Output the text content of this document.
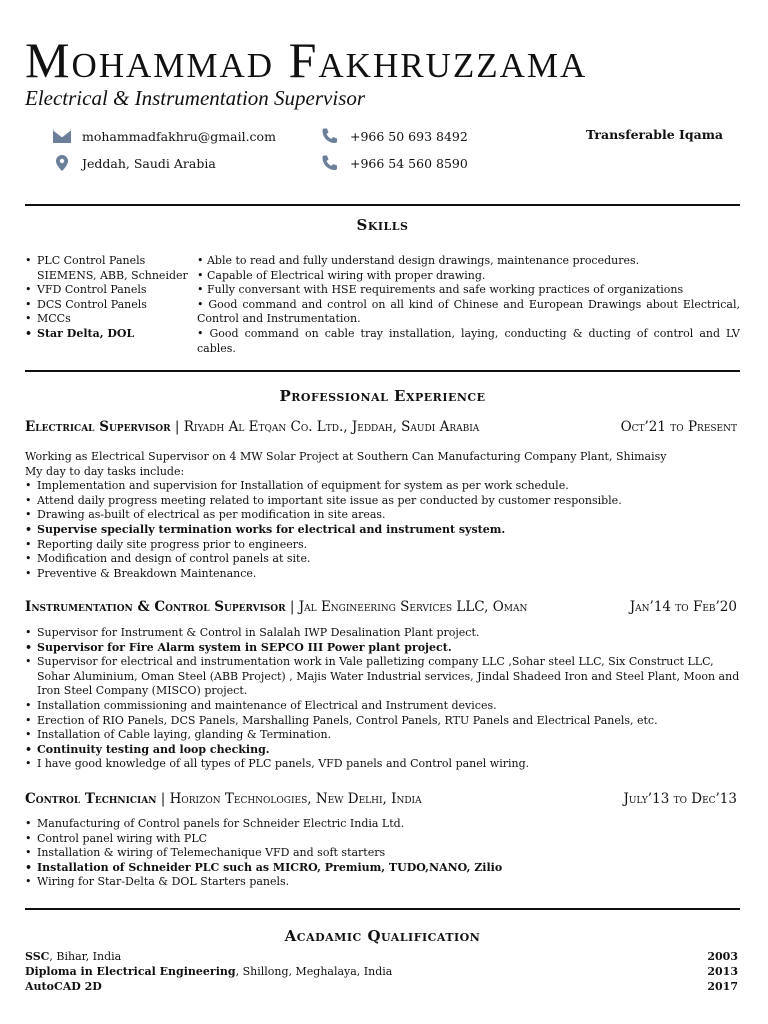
Mohammad Fakhruzzama
Electrical & Instrumentation Supervisor
mohammadfakhru@gmail.com
Jeddah, Saudi Arabia
+966 50 693 8492
+966 54 560 8590
Transferable Iqama
Skills
• PLC Control Panels
SIEMENS, ABB, Schneider
• VFD Control Panels
• DCS Control Panels
• MCCs
• Star Delta, DOL
• Able to read and fully understand design drawings, maintenance procedures.
• Capable of Electrical wiring with proper drawing.
• Fully conversant with HSE requirements and safe working practices of organizations
• Good command and control on all kind of Chinese and European Drawings about Electrical, Control and Instrumentation.
• Good command on cable tray installation, laying, conducting & ducting of control and LV cables.
Professional Experience
Electrical Supervisor | Riyadh Al Etqan Co. Ltd., Jeddah, Saudi Arabia	Oct’21 to Present
Working as Electrical Supervisor on 4 MW Solar Project at Southern Can Manufacturing Company Plant, Shimaisy
My day to day tasks include:
• Implementation and supervision for Installation of equipment for system as per work schedule.
• Attend daily progress meeting related to important site issue as per conducted by customer responsible.
• Drawing as-built of electrical as per modification in site areas.
• Supervise specially termination works for electrical and instrument system.
• Reporting daily site progress prior to engineers.
• Modification and design of control panels at site.
• Preventive & Breakdown Maintenance.
Instrumentation & Control Supervisor | Jal Engineering Services LLC, Oman	Jan’14 to Feb’20
• Supervisor for Instrument & Control in Salalah IWP Desalination Plant project.
• Supervisor for Fire Alarm system in SEPCO III Power plant project.
• Supervisor for electrical and instrumentation work in Vale palletizing company LLC ,Sohar steel LLC, Six Construct LLC, Sohar Aluminium, Oman Steel (ABB Project) , Majis Water Industrial services, Jindal Shadeed Iron and Steel Plant, Moon and Iron Steel Company (MISCO) project.
• Installation commissioning and maintenance of Electrical and Instrument devices.
• Erection of RIO Panels, DCS Panels, Marshalling Panels, Control Panels, RTU Panels and Electrical Panels, etc.
• Installation of Cable laying, glanding & Termination.
• Continuity testing and loop checking.
• I have good knowledge of all types of PLC panels, VFD panels and Control panel wiring.
Control Technician | Horizon Technologies, New Delhi, India	July’13 to Dec’13
• Manufacturing of Control panels for Schneider Electric India Ltd.
• Control panel wiring with PLC
• Installation & wiring of Telemechanique VFD and soft starters
• Installation of Schneider PLC such as MICRO, Premium, TUDO,NANO, Zilio
• Wiring for Star-Delta & DOL Starters panels.
Acadamic Qualification
SSC, Bihar, India	2003
Diploma in Electrical Engineering, Shillong, Meghalaya, India	2013
AutoCAD 2D	2017
